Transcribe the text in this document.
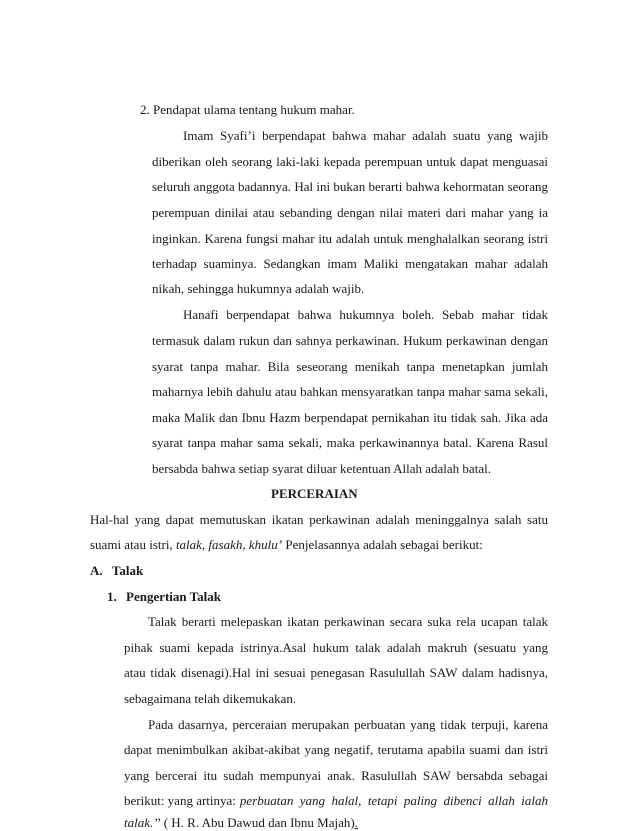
2. Pendapat ulama tentang hukum mahar.
Imam Syafi’i berpendapat bahwa mahar adalah suatu yang wajib
diberikan oleh seorang laki-laki kepada perempuan untuk dapat menguasai
seluruh anggota badannya. Hal ini bukan berarti bahwa kehormatan seorang
perempuan dinilai atau sebanding dengan nilai materi dari mahar yang ia
inginkan. Karena fungsi mahar itu adalah untuk menghalalkan seorang istri
terhadap suaminya. Sedangkan imam Maliki mengatakan mahar adalah
nikah, sehingga hukumnya adalah wajib.
Hanafi berpendapat bahwa hukumnya boleh. Sebab mahar tidak
termasuk dalam rukun dan sahnya perkawinan. Hukum perkawinan dengan
syarat tanpa mahar. Bila seseorang menikah tanpa menetapkan jumlah
maharnya lebih dahulu atau bahkan mensyaratkan tanpa mahar sama sekali,
maka Malik dan Ibnu Hazm berpendapat pernikahan itu tidak sah. Jika ada
syarat tanpa mahar sama sekali, maka perkawinannya batal. Karena Rasul
bersabda bahwa setiap syarat diluar ketentuan Allah adalah batal.
PERCERAIAN
Hal-hal yang dapat memutuskan ikatan perkawinan adalah meninggalnya salah satu
suami atau istri, talak, fasakh, khulu’ Penjelasannya adalah sebagai berikut:
A. Talak
1. Pengertian Talak
Talak berarti melepaskan ikatan perkawinan secara suka rela ucapan talak
pihak suami kepada istrinya.Asal hukum talak adalah makruh (sesuatu yang
atau tidak disenagi).Hal ini sesuai penegasan Rasulullah SAW dalam hadisnya,
sebagaimana telah dikemukakan.
Pada dasarnya, perceraian merupakan perbuatan yang tidak terpuji, karena
dapat menimbulkan akibat-akibat yang negatif, terutama apabila suami dan istri
yang bercerai itu sudah mempunyai anak. Rasulullah SAW bersabda sebagai
berikut: yang artinya: perbuatan yang halal, tetapi paling dibenci allah ialah
talak.’’ ( H. R. Abu Dawud dan Ibnu Majah).
